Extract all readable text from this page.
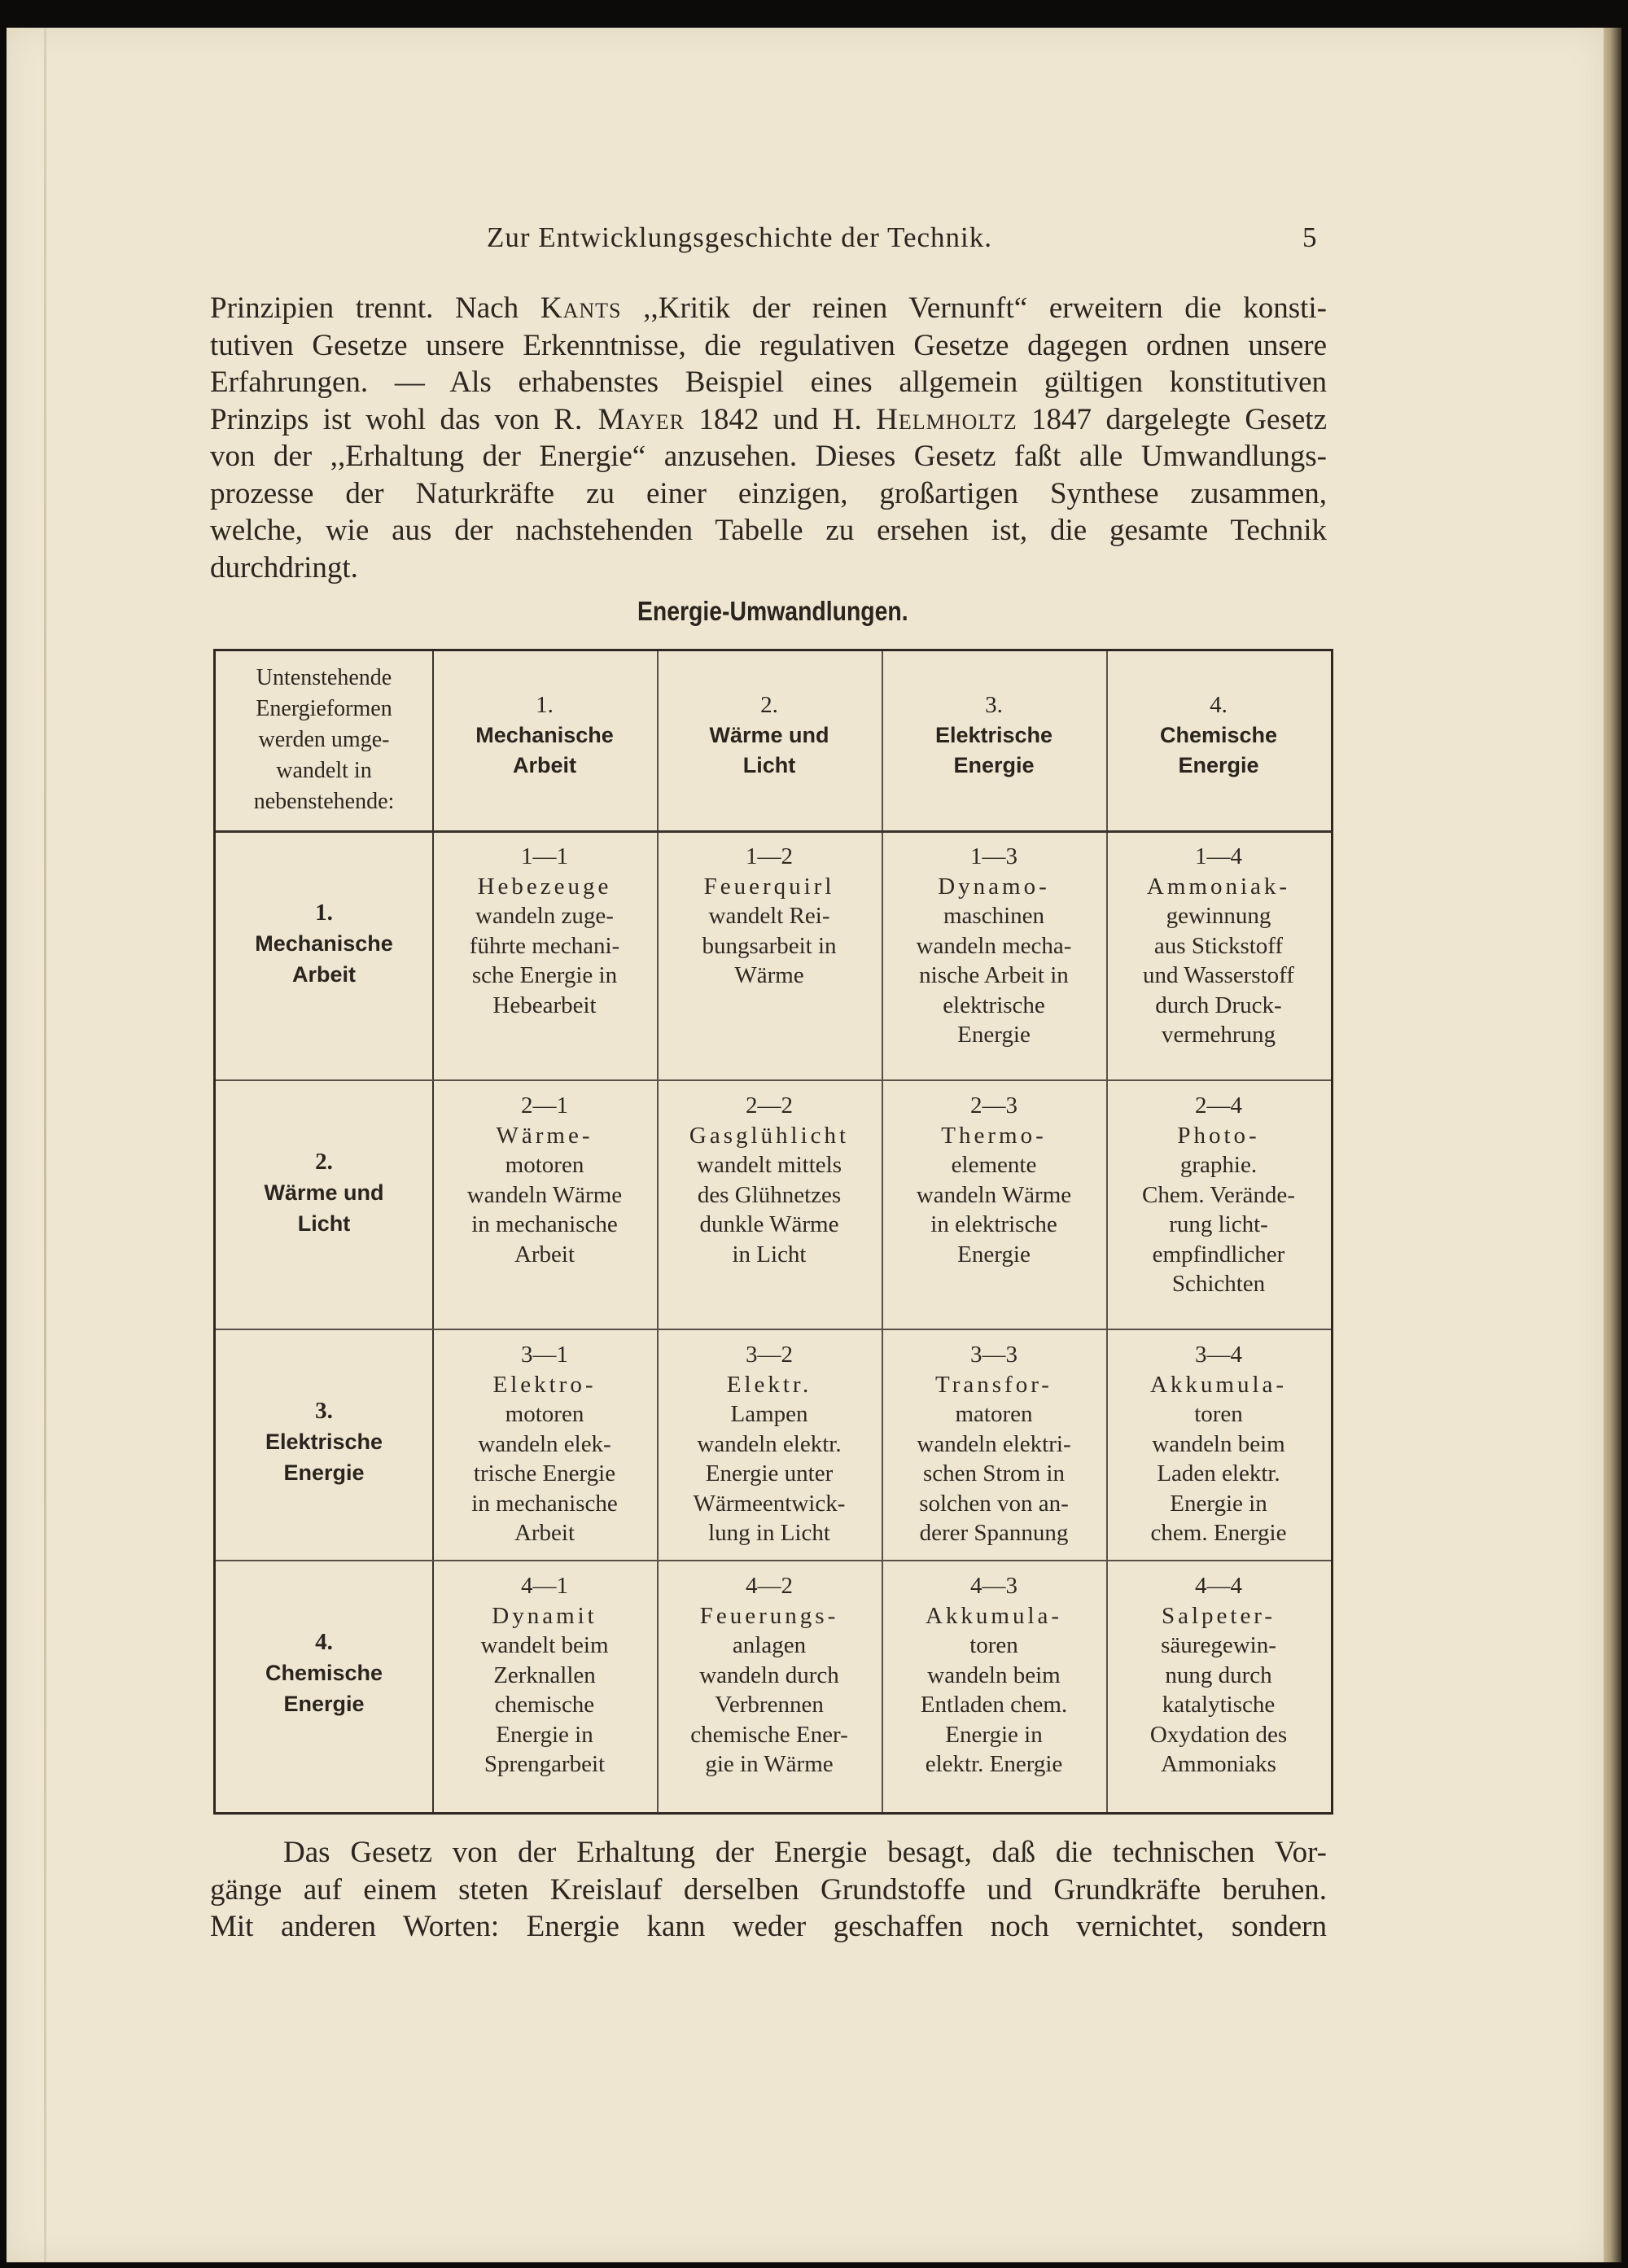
Zur Entwicklungsgeschichte der Technik.	5
Prinzipien trennt. Nach Kants ,,Kritik der reinen Vernunft“ erweitern die konsti-
tutiven Gesetze unsere Erkenntnisse, die regulativen Gesetze dagegen ordnen unsere
Erfahrungen. — Als erhabenstes Beispiel eines allgemein gültigen konstitutiven
Prinzips ist wohl das von R. Mayer 1842 und H. Helmholtz 1847 dargelegte Gesetz
von der ,,Erhaltung der Energie“ anzusehen. Dieses Gesetz faßt alle Umwandlungs-
prozesse der Naturkräfte zu einer einzigen, großartigen Synthese zusammen,
welche, wie aus der nachstehenden Tabelle zu ersehen ist, die gesamte Technik
durchdringt.
Energie-Umwandlungen.
Untenstehende
Energieformen
werden umge-
wandelt in
nebenstehende:
1.
Mechanische
Arbeit
2.
Wärme und
Licht
3.
Elektrische
Energie
4.
Chemische
Energie
1.
Mechanische
Arbeit
2.
Wärme und
Licht
3.
Elektrische
Energie
4.
Chemische
Energie
1—1
Hebezeuge
wandeln zuge-
führte mechani-
sche Energie in
Hebearbeit
1—2
Feuerquirl
wandelt Rei-
bungsarbeit in
Wärme
1—3
Dynamo-
maschinen
wandeln mecha-
nische Arbeit in
elektrische
Energie
1—4
Ammoniak-
gewinnung
aus Stickstoff
und Wasserstoff
durch Druck-
vermehrung
2—1
Wärme-
motoren
wandeln Wärme
in mechanische
Arbeit
2—2
Gasglühlicht
wandelt mittels
des Glühnetzes
dunkle Wärme
in Licht
2—3
Thermo-
elemente
wandeln Wärme
in elektrische
Energie
2—4
Photo-
graphie.
Chem. Verände-
rung licht-
empfindlicher
Schichten
3—1
Elektro-
motoren
wandeln elek-
trische Energie
in mechanische
Arbeit
3—2
Elektr.
Lampen
wandeln elektr.
Energie unter
Wärmeentwick-
lung in Licht
3—3
Transfor-
matoren
wandeln elektri-
schen Strom in
solchen von an-
derer Spannung
3—4
Akkumula-
toren
wandeln beim
Laden elektr.
Energie in
chem. Energie
4—1
Dynamit
wandelt beim
Zerknallen
chemische
Energie in
Sprengarbeit
4—2
Feuerungs-
anlagen
wandeln durch
Verbrennen
chemische Ener-
gie in Wärme
4—3
Akkumula-
toren
wandeln beim
Entladen chem.
Energie in
elektr. Energie
4—4
Salpeter-
säuregewin-
nung durch
katalytische
Oxydation des
Ammoniaks
Das Gesetz von der Erhaltung der Energie besagt, daß die technischen Vor-
gänge auf einem steten Kreislauf derselben Grundstoffe und Grundkräfte beruhen.
Mit anderen Worten: Energie kann weder geschaffen noch vernichtet, sondern
